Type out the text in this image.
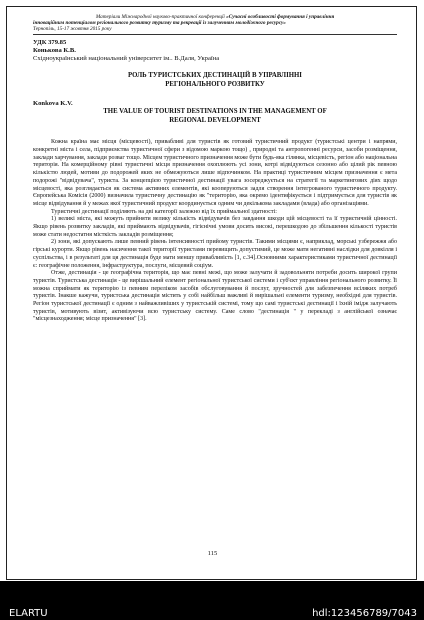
Матеріали Міжнародної науково-практичної конференції «Сучасні особливості формування і управління
інноваційним потенціалом регіонального розвитку туризму та рекреації із залученням молодіжного ресурсу»
Тернопіль, 15-17 жовтня 2015 року
УДК 379.85
Конькова К.В.
Східноукраїнський національний університет ім.. В.Даля, Україна
РОЛЬ ТУРИСТСЬКИХ ДЕСТИНАЦІЙ В УПРАВЛІННІ
РЕГІОНАЛЬНОГО РОЗВИТКУ
Konkova K.V.
THE VALUE OF TOURIST DESTINATIONS IN THE MANAGEMENT OF
REGIONAL DEVELOPMENT

Кожна країна має місця (місцевості), привабливі для туристів як готовий туристичний продукт (туристські центри і напрями, конкретні міста і села, підприємства туристичної сфери з відомою маркою тощо) , природні та антропогенні ресурси, засоби розміщення, заклади харчування, заклади розваг тощо. Місцем туристичного призначення може бути будь-яка гілянка, місцевість, регіон або національна територія. На комерційному рівні туристичні місця призначення охоплюють усі зони, котрі відвідуються сезонно або цілий рік певною кількістю людей, мотиви до подорожей яких не обмежуються лише відпочинком. На практиці туристичним місцем призначення є мета подорожі "відвідувача", туриста. За концепцією туристичної дестинації увага зосереджується на стратегії та маркетингових діях щодо місцевості, яка розглядається як система активних елементів, які кооперуються задля створення інтегрованого туристичного продукту. Європейська Комісія (2000) визначила туристичну дестинацію як "територію, яка окремо ідентифікується і підтримується для туристів як місце відвідування й у межах якої туристичний продукт координується одним чи декількома закладами (влада) або організаціями.

Туристичні дестинації поділяють на дві категорії залежно від їх приймальної здатності:

1) великі міста, які можуть прийняти велику кількість відвідувачів без завдання шкоди цій місцевості та її туристичній цінності. Якщо рівень розвитку закладів, які приймають відвідувачів, гігієнічні умови досить високі, перешкодою до збільшення кількості туристів може стати недостатня місткість закладів розміщення;

2) зони, які допускають лише певний рівень інтенсивності прийому туристів. Такими місцями є, наприклад, морські узбережжя або гірські курорти. Якщо рівень насичення такої території туристами перевищить допустимий, це може мати негативні наслідки для довкілля і суспільства, і в результаті для ця дестинація буде мати меншу привабливість [1, с.34].Основними характеристиками туристичної дестинації є: географічне положення, інфраструктура, послуги, місцевий соціум.

Отже, дестинація - це географічна територія, що має певні межі, що може залучати й задовольняти потреби досить широкої групи туристів. Туристська дестинація - це вирішальний елемент регіональної туристської системи і суб'єкт управління регіонального розвитку. Її можна сприймати як територію із певним переліком засобів обслуговування й послуг, зручностей для забезпечення всіляких потреб туристів. Інакше кажучи, туристська дестинація містить у собі найбільш важливі й вирішальні елементи туризму, необхідні для туристів. Регіон туристської дестинації є одним з найважливіших у туристській системі, тому що самі туристські дестинації і їхній імідж залучають туристів, мотивують візит, активізуючи всю туристську систему. Саме слово "дестинація " у перекладі з англійської означає "місцезнаходження; місце призначення" [3].

115
ELARTU	hdl:123456789/7043
